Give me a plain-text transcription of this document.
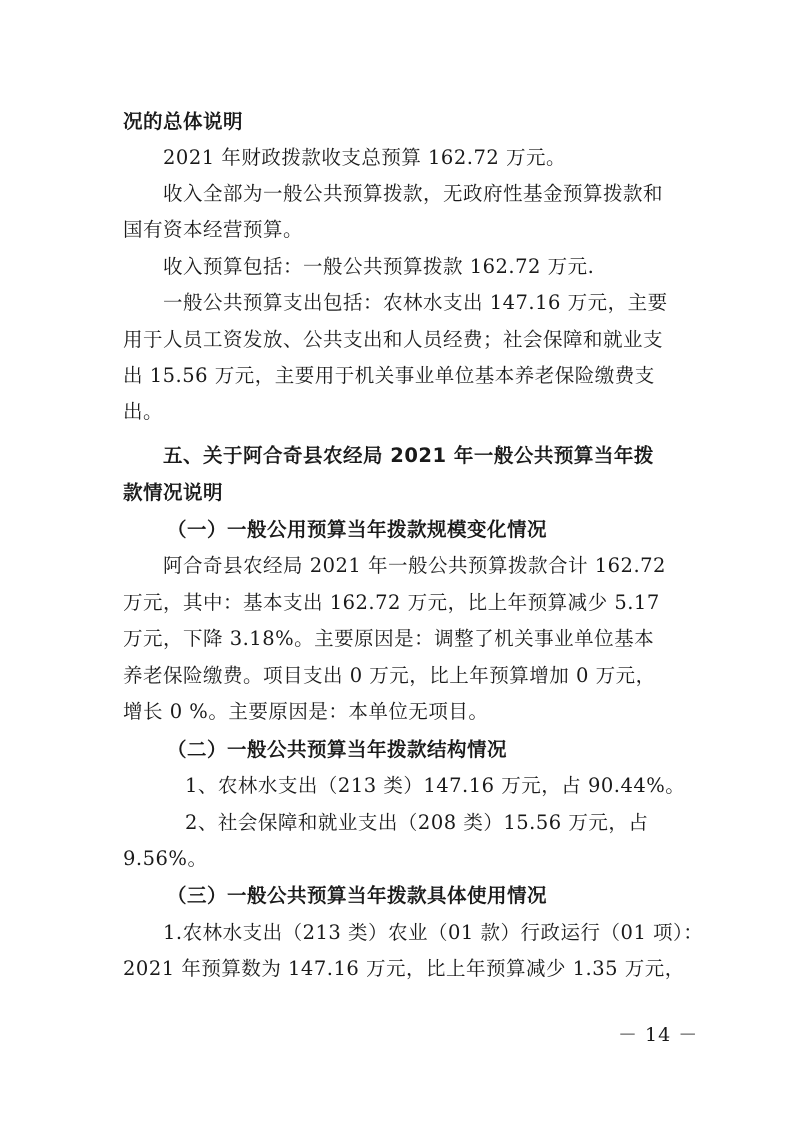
况的总体说明
2021 年财政拨款收支总预算 162.72 万元。
收入全部为一般公共预算拨款，无政府性基金预算拨款和
国有资本经营预算。
收入预算包括：一般公共预算拨款 162.72 万元.
一般公共预算支出包括：农林水支出 147.16 万元，主要
用于人员工资发放、公共支出和人员经费；社会保障和就业支
出 15.56 万元，主要用于机关事业单位基本养老保险缴费支
出。
五、关于阿合奇县农经局 2021 年一般公共预算当年拨
款情况说明
（一）一般公用预算当年拨款规模变化情况
阿合奇县农经局 2021 年一般公共预算拨款合计 162.72
万元，其中：基本支出 162.72 万元，比上年预算减少 5.17
万元，下降 3.18%。主要原因是：调整了机关事业单位基本
养老保险缴费。项目支出 0 万元，比上年预算增加 0 万元，
增长 0 %。主要原因是：本单位无项目。
（二）一般公共预算当年拨款结构情况
1、农林水支出（213 类）147.16 万元，占 90.44%。
2、社会保障和就业支出（208 类）15.56 万元，占
9.56%。
（三）一般公共预算当年拨款具体使用情况
1.农林水支出（213 类）农业（01 款）行政运行（01 项）：
2021 年预算数为 147.16 万元，比上年预算减少 1.35 万元，
－ 14 －
